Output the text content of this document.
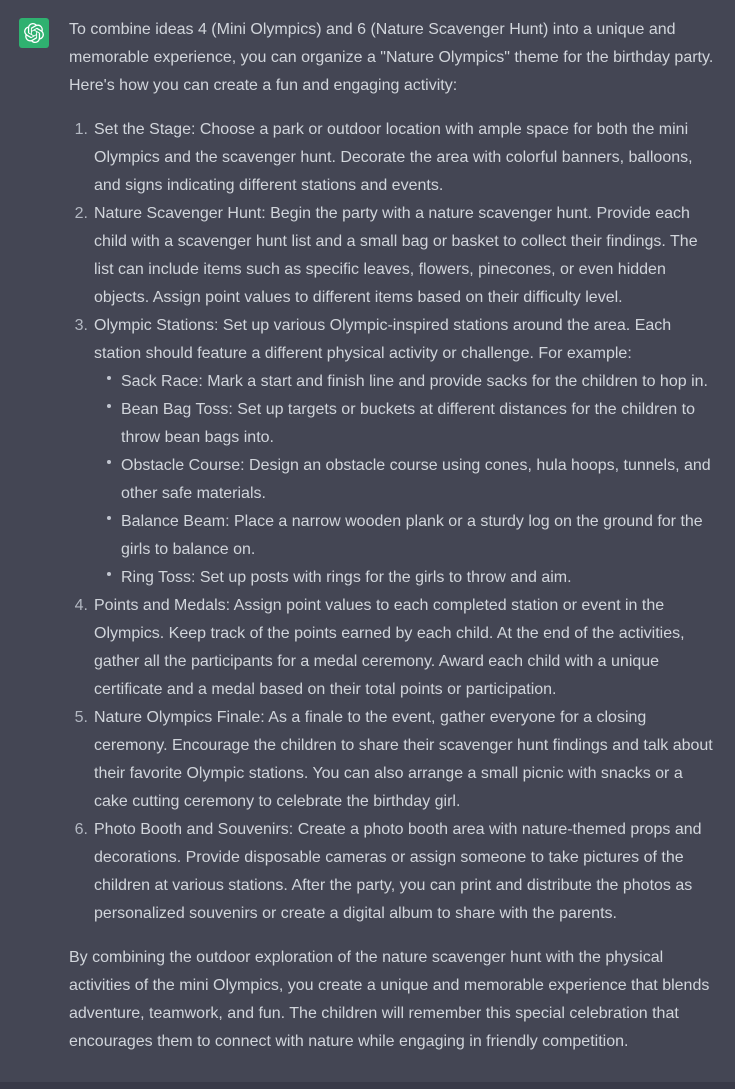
To combine ideas 4 (Mini Olympics) and 6 (Nature Scavenger Hunt) into a unique and memorable experience, you can organize a "Nature Olympics" theme for the birthday party. Here's how you can create a fun and engaging activity:

1. Set the Stage: Choose a park or outdoor location with ample space for both the mini Olympics and the scavenger hunt. Decorate the area with colorful banners, balloons, and signs indicating different stations and events.
2. Nature Scavenger Hunt: Begin the party with a nature scavenger hunt. Provide each child with a scavenger hunt list and a small bag or basket to collect their findings. The list can include items such as specific leaves, flowers, pinecones, or even hidden objects. Assign point values to different items based on their difficulty level.
3. Olympic Stations: Set up various Olympic-inspired stations around the area. Each station should feature a different physical activity or challenge. For example:
Sack Race: Mark a start and finish line and provide sacks for the children to hop in.
Bean Bag Toss: Set up targets or buckets at different distances for the children to throw bean bags into.
Obstacle Course: Design an obstacle course using cones, hula hoops, tunnels, and other safe materials.
Balance Beam: Place a narrow wooden plank or a sturdy log on the ground for the girls to balance on.
Ring Toss: Set up posts with rings for the girls to throw and aim.
4. Points and Medals: Assign point values to each completed station or event in the Olympics. Keep track of the points earned by each child. At the end of the activities, gather all the participants for a medal ceremony. Award each child with a unique certificate and a medal based on their total points or participation.
5. Nature Olympics Finale: As a finale to the event, gather everyone for a closing ceremony. Encourage the children to share their scavenger hunt findings and talk about their favorite Olympic stations. You can also arrange a small picnic with snacks or a cake cutting ceremony to celebrate the birthday girl.
6. Photo Booth and Souvenirs: Create a photo booth area with nature-themed props and decorations. Provide disposable cameras or assign someone to take pictures of the children at various stations. After the party, you can print and distribute the photos as personalized souvenirs or create a digital album to share with the parents.

By combining the outdoor exploration of the nature scavenger hunt with the physical activities of the mini Olympics, you create a unique and memorable experience that blends adventure, teamwork, and fun. The children will remember this special celebration that encourages them to connect with nature while engaging in friendly competition.
